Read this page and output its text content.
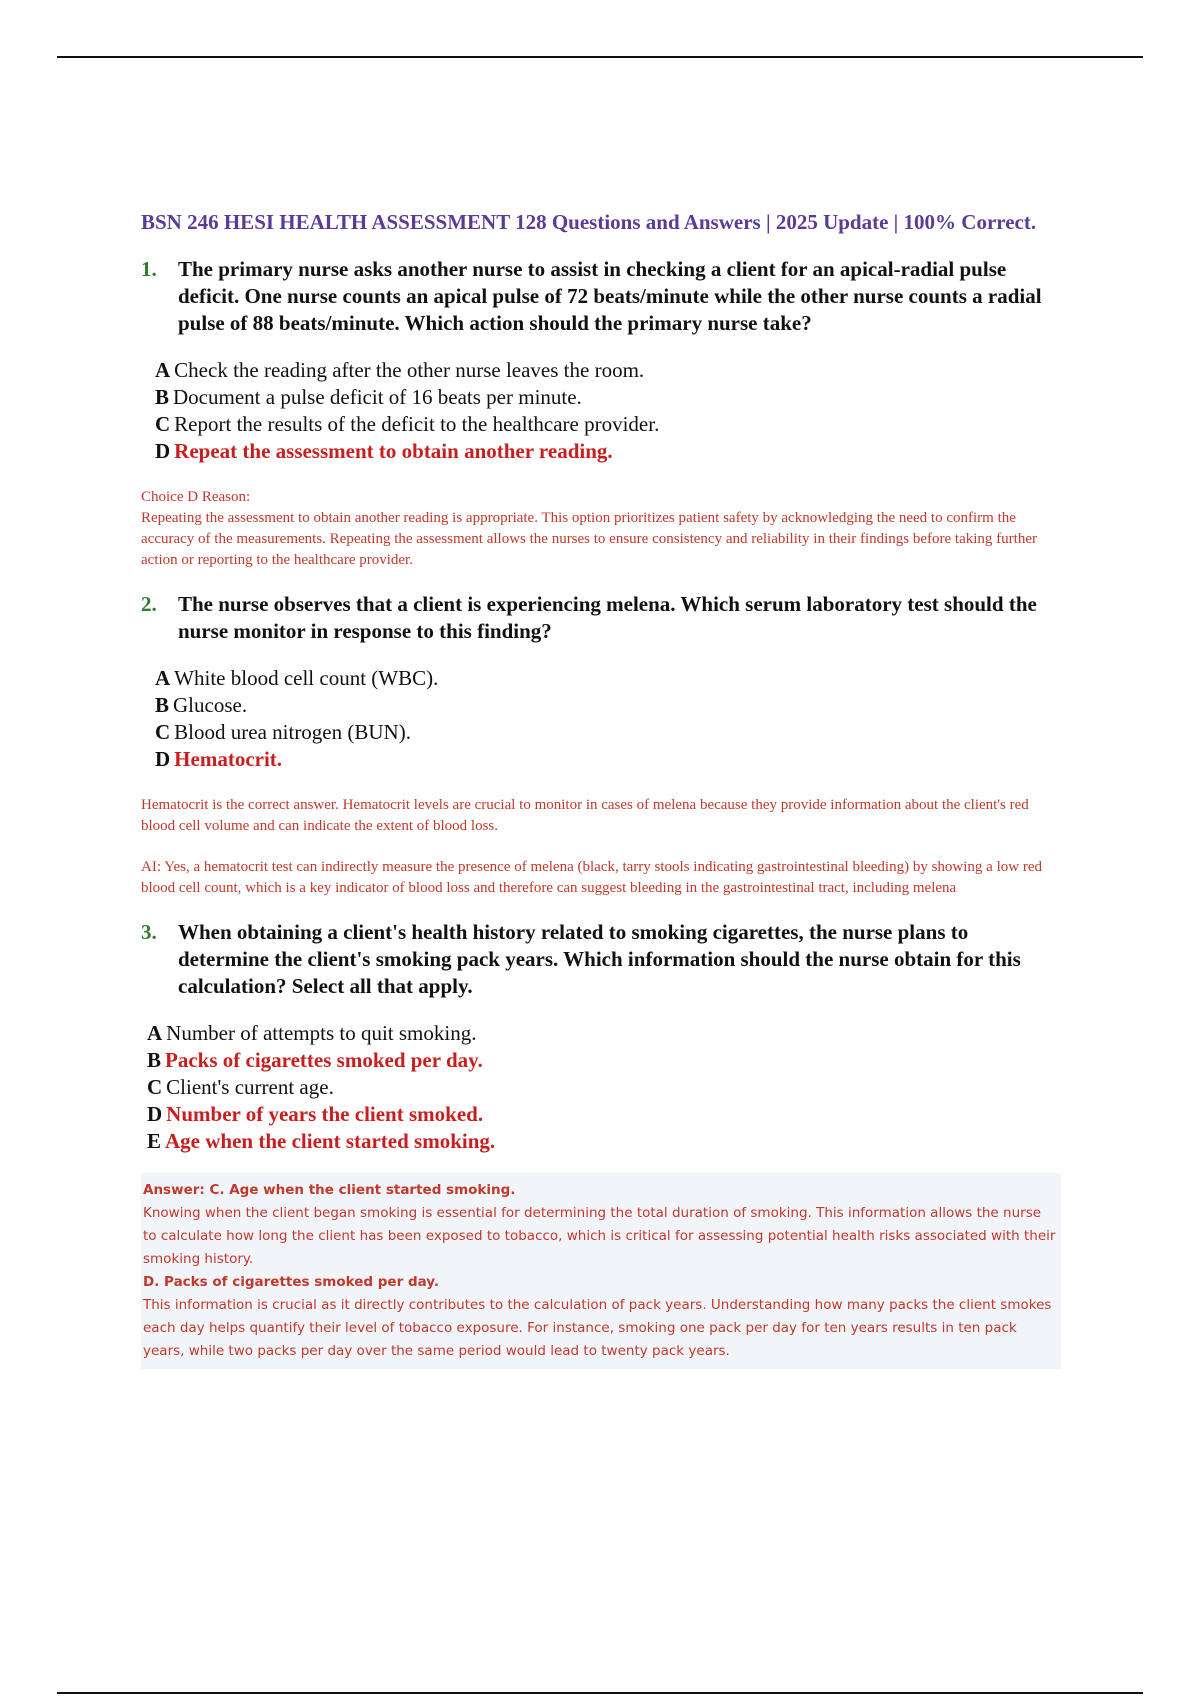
BSN 246 HESI HEALTH ASSESSMENT 128 Questions and Answers | 2025 Update | 100% Correct.
1.	The primary nurse asks another nurse to assist in checking a client for an apical-radial pulse deficit. One nurse counts an apical pulse of 72 beats/minute while the other nurse counts a radial pulse of 88 beats/minute. Which action should the primary nurse take?
A Check the reading after the other nurse leaves the room.
B Document a pulse deficit of 16 beats per minute.
C Report the results of the deficit to the healthcare provider.
D Repeat the assessment to obtain another reading.
Choice D Reason:
Repeating the assessment to obtain another reading is appropriate. This option prioritizes patient safety by acknowledging the need to confirm the accuracy of the measurements. Repeating the assessment allows the nurses to ensure consistency and reliability in their findings before taking further action or reporting to the healthcare provider.
2.	The nurse observes that a client is experiencing melena. Which serum laboratory test should the nurse monitor in response to this finding?
A White blood cell count (WBC).
B Glucose.
C Blood urea nitrogen (BUN).
D Hematocrit.
Hematocrit is the correct answer. Hematocrit levels are crucial to monitor in cases of melena because they provide information about the client's red blood cell volume and can indicate the extent of blood loss.
AI: Yes, a hematocrit test can indirectly measure the presence of melena (black, tarry stools indicating gastrointestinal bleeding) by showing a low red blood cell count, which is a key indicator of blood loss and therefore can suggest bleeding in the gastrointestinal tract, including melena
3.	When obtaining a client's health history related to smoking cigarettes, the nurse plans to determine the client's smoking pack years. Which information should the nurse obtain for this calculation? Select all that apply.
A Number of attempts to quit smoking.
B Packs of cigarettes smoked per day.
C Client's current age.
D Number of years the client smoked.
E Age when the client started smoking.
Answer: C. Age when the client started smoking.
Knowing when the client began smoking is essential for determining the total duration of smoking. This information allows the nurse to calculate how long the client has been exposed to tobacco, which is critical for assessing potential health risks associated with their smoking history.
D. Packs of cigarettes smoked per day.
This information is crucial as it directly contributes to the calculation of pack years. Understanding how many packs the client smokes each day helps quantify their level of tobacco exposure. For instance, smoking one pack per day for ten years results in ten pack years, while two packs per day over the same period would lead to twenty pack years.
